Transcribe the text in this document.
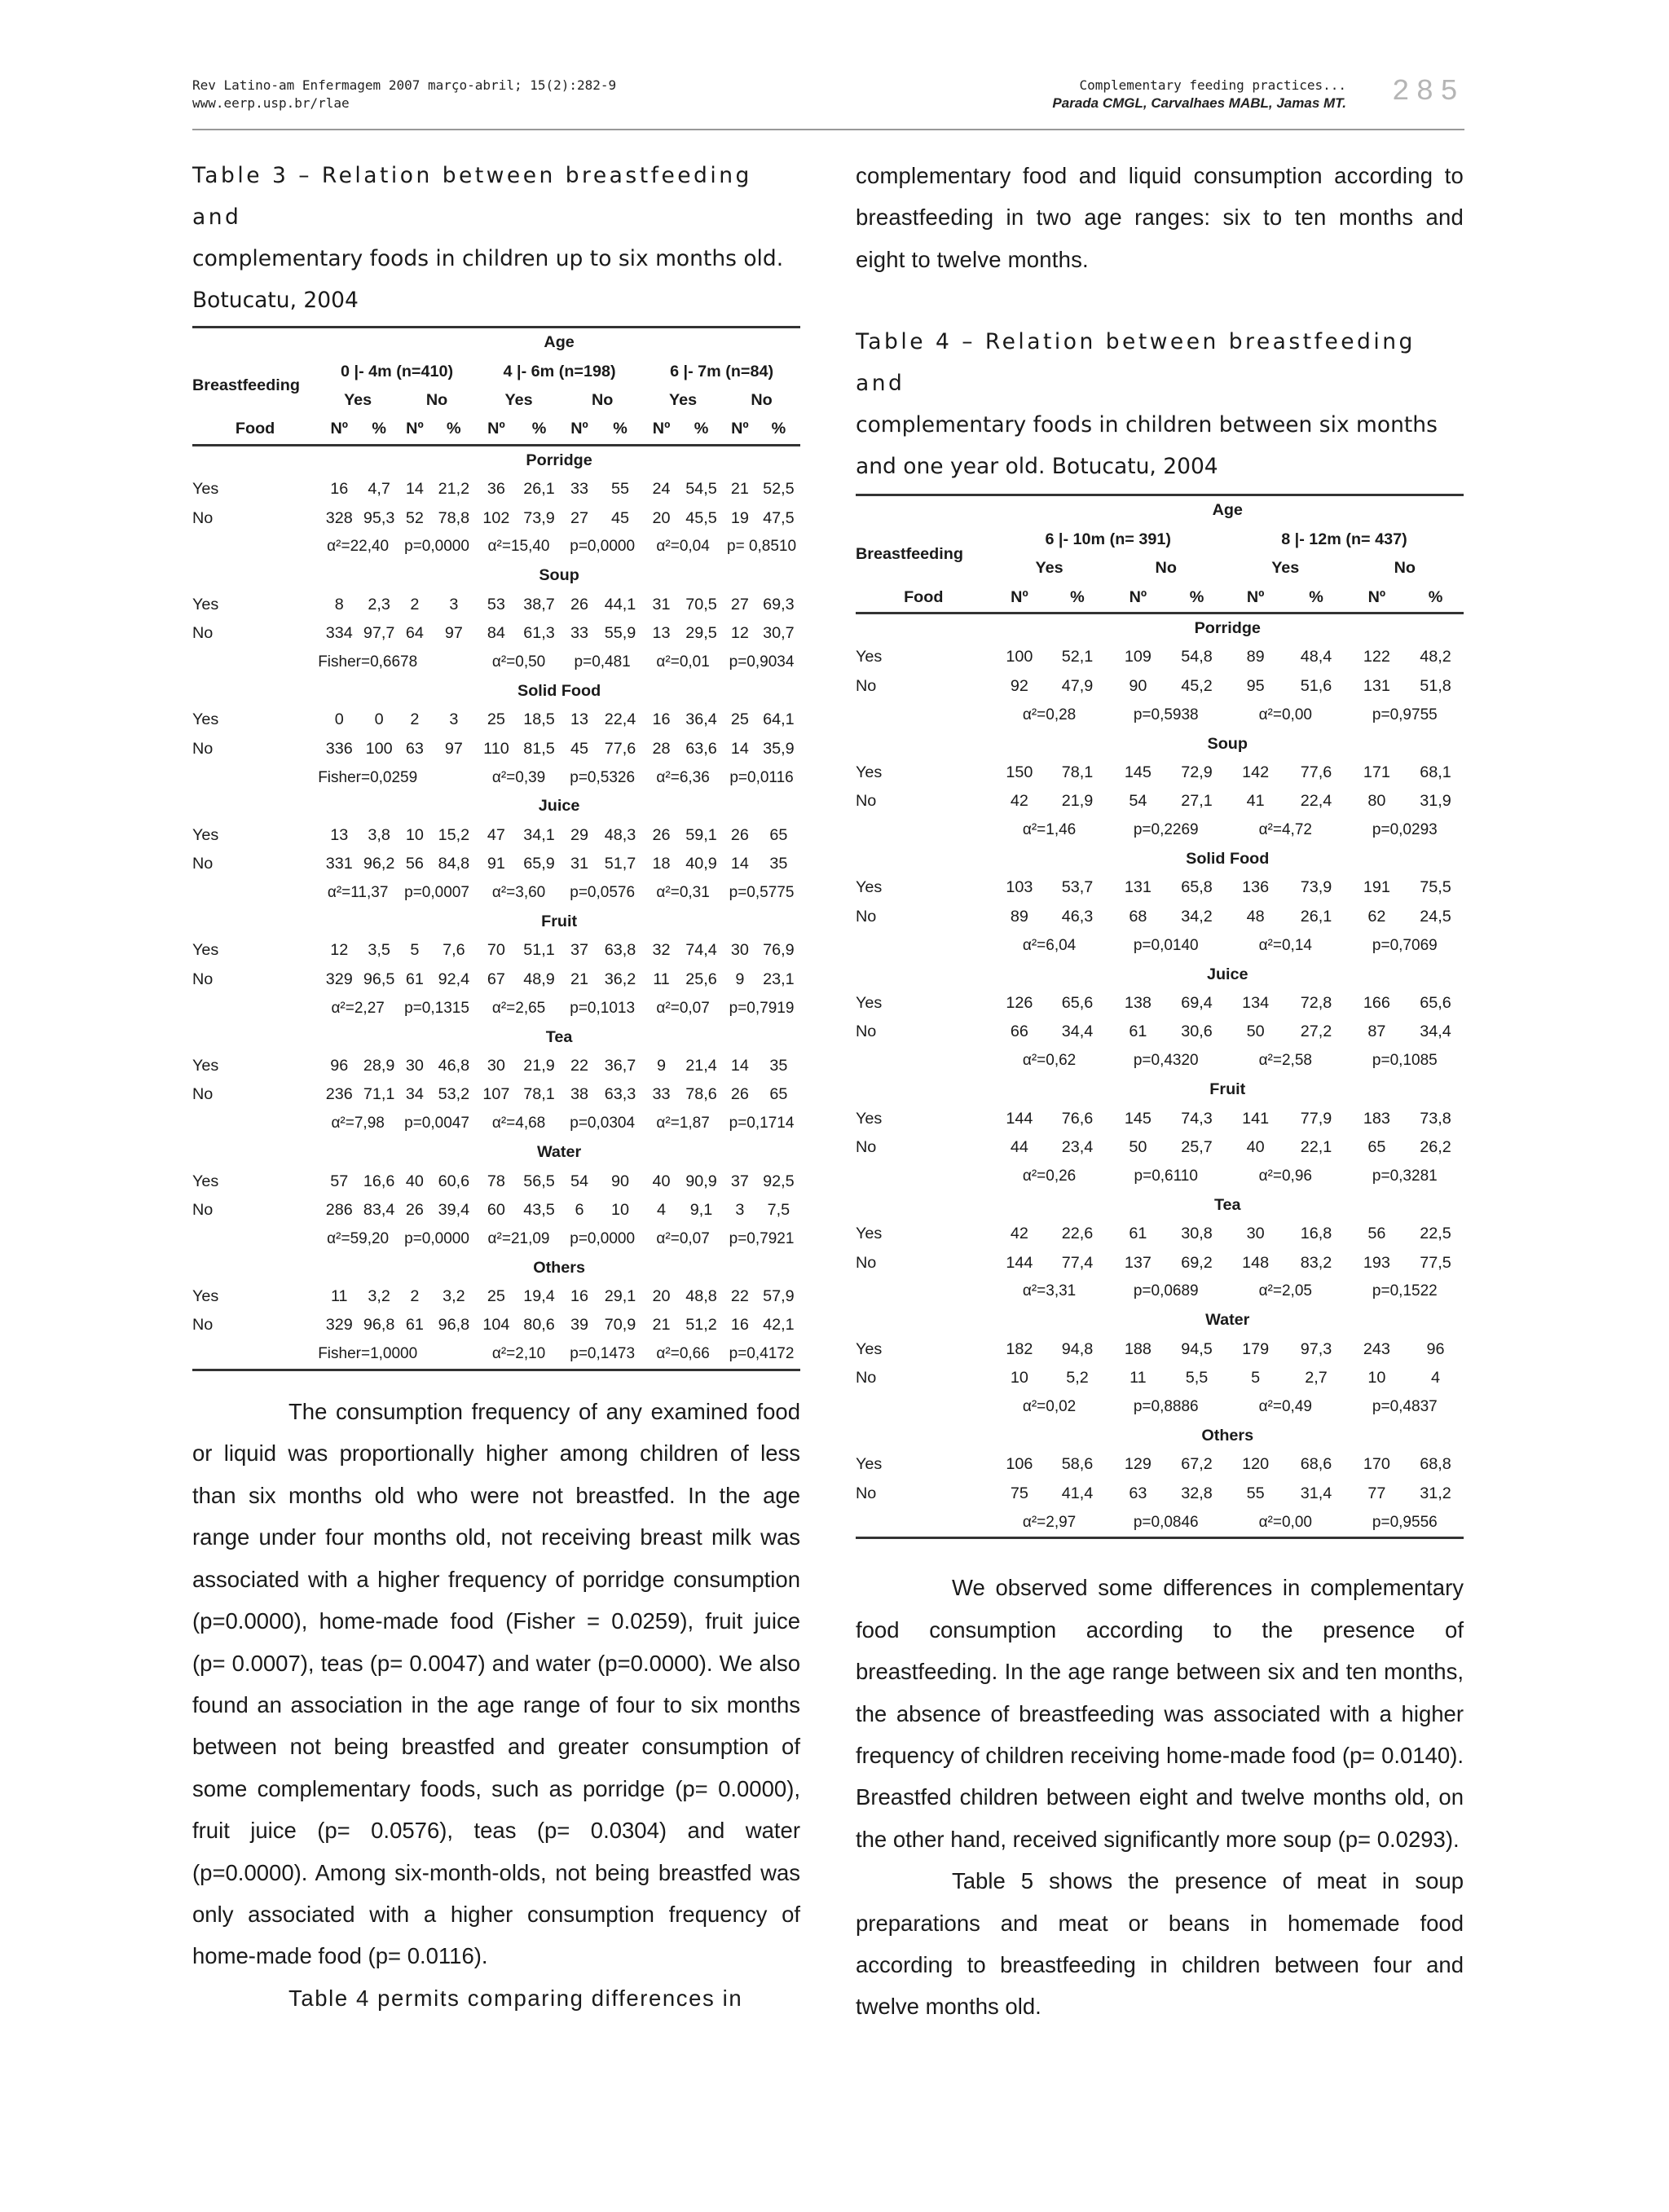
Rev Latino-am Enfermagem 2007 março-abril; 15(2):282-9
www.eerp.usp.br/rlae
Complementary feeding practices...
Parada CMGL, Carvalhaes MABL, Jamas MT. 285
Table 3 – Relation between breastfeeding and
complementary foods in children up to six months old. Botucatu, 2004
	Age											
Breastfeeding	0 |- 4m (n=410)				4 |- 6m (n=198)				6 |- 7m (n=84)			
	Yes		No		Yes		No		Yes		No	
Food	Nº	%	Nº	%	Nº	%	Nº	%	Nº	%	Nº	%
	Porridge											
Yes	16	4,7	14	21,2	36	26,1	33	55	24	54,5	21	52,5
No	328	95,3	52	78,8	102	73,9	27	45	20	45,5	19	47,5
	α²=22,40		p=0,0000		α²=15,40		p=0,0000		α²=0,04		p= 0,8510	
	Soup											
Yes	8	2,3	2	3	53	38,7	26	44,1	31	70,5	27	69,3
No	334	97,7	64	97	84	61,3	33	55,9	13	29,5	12	30,7
	Fisher=0,6678				α²=0,50		p=0,481		α²=0,01		p=0,9034	
	Solid Food											
Yes	0	0	2	3	25	18,5	13	22,4	16	36,4	25	64,1
No	336	100	63	97	110	81,5	45	77,6	28	63,6	14	35,9
	Fisher=0,0259				α²=0,39		p=0,5326		α²=6,36		p=0,0116	
	Juice											
Yes	13	3,8	10	15,2	47	34,1	29	48,3	26	59,1	26	65
No	331	96,2	56	84,8	91	65,9	31	51,7	18	40,9	14	35
	α²=11,37		p=0,0007		α²=3,60		p=0,0576		α²=0,31		p=0,5775	
	Fruit											
Yes	12	3,5	5	7,6	70	51,1	37	63,8	32	74,4	30	76,9
No	329	96,5	61	92,4	67	48,9	21	36,2	11	25,6	9	23,1
	α²=2,27		p=0,1315		α²=2,65		p=0,1013		α²=0,07		p=0,7919	
	Tea											
Yes	96	28,9	30	46,8	30	21,9	22	36,7	9	21,4	14	35
No	236	71,1	34	53,2	107	78,1	38	63,3	33	78,6	26	65
	α²=7,98		p=0,0047		α²=4,68		p=0,0304		α²=1,87		p=0,1714	
	Water											
Yes	57	16,6	40	60,6	78	56,5	54	90	40	90,9	37	92,5
No	286	83,4	26	39,4	60	43,5	6	10	4	9,1	3	7,5
	α²=59,20		p=0,0000		α²=21,09		p=0,0000		α²=0,07		p=0,7921	
	Others											
Yes	11	3,2	2	3,2	25	19,4	16	29,1	20	48,8	22	57,9
No	329	96,8	61	96,8	104	80,6	39	70,9	21	51,2	16	42,1
	Fisher=1,0000				α²=2,10		p=0,1473		α²=0,66		p=0,4172	

The consumption frequency of any examined food or liquid was proportionally higher among children of less than six months old who were not breastfed. In the age range under four months old, not receiving breast milk was associated with a higher frequency of porridge consumption (p=0.0000), home-made food (Fisher = 0.0259), fruit juice (p= 0.0007), teas (p= 0.0047) and water (p=0.0000). We also found an association in the age range of four to six months between not being breastfed and greater consumption of some complementary foods, such as porridge (p= 0.0000), fruit juice (p= 0.0576), teas (p= 0.0304) and water (p=0.0000). Among six-month-olds, not being breastfed was only associated with a higher consumption frequency of home-made food (p= 0.0116).

Table 4 permits comparing differences in

complementary food and liquid consumption according to breastfeeding in two age ranges: six to ten months and eight to twelve months.

Table 4 – Relation between breastfeeding and
complementary foods in children between six months and one year old. Botucatu, 2004
	Age							
Breastfeeding	6 |- 10m (n= 391)				8 |- 12m (n= 437)			
	Yes		No		Yes		No	
Food	Nº	%	Nº	%	Nº	%	Nº	%
	Porridge							
Yes	100	52,1	109	54,8	89	48,4	122	48,2
No	92	47,9	90	45,2	95	51,6	131	51,8
	α²=0,28		p=0,5938		α²=0,00		p=0,9755	
	Soup							
Yes	150	78,1	145	72,9	142	77,6	171	68,1
No	42	21,9	54	27,1	41	22,4	80	31,9
	α²=1,46		p=0,2269		α²=4,72		p=0,0293	
	Solid Food							
Yes	103	53,7	131	65,8	136	73,9	191	75,5
No	89	46,3	68	34,2	48	26,1	62	24,5
	α²=6,04		p=0,0140		α²=0,14		p=0,7069	
	Juice							
Yes	126	65,6	138	69,4	134	72,8	166	65,6
No	66	34,4	61	30,6	50	27,2	87	34,4
	α²=0,62		p=0,4320		α²=2,58		p=0,1085	
	Fruit							
Yes	144	76,6	145	74,3	141	77,9	183	73,8
No	44	23,4	50	25,7	40	22,1	65	26,2
	α²=0,26		p=0,6110		α²=0,96		p=0,3281	
	Tea							
Yes	42	22,6	61	30,8	30	16,8	56	22,5
No	144	77,4	137	69,2	148	83,2	193	77,5
	α²=3,31		p=0,0689		α²=2,05		p=0,1522	
	Water							
Yes	182	94,8	188	94,5	179	97,3	243	96
No	10	5,2	11	5,5	5	2,7	10	4
	α²=0,02		p=0,8886		α²=0,49		p=0,4837	
	Others							
Yes	106	58,6	129	67,2	120	68,6	170	68,8
No	75	41,4	63	32,8	55	31,4	77	31,2
	α²=2,97		p=0,0846		α²=0,00		p=0,9556	

We observed some differences in complementary food consumption according to the presence of breastfeeding. In the age range between six and ten months, the absence of breastfeeding was associated with a higher frequency of children receiving home-made food (p= 0.0140). Breastfed children between eight and twelve months old, on the other hand, received significantly more soup (p= 0.0293).

Table 5 shows the presence of meat in soup preparations and meat or beans in homemade food according to breastfeeding in children between four and twelve months old.
